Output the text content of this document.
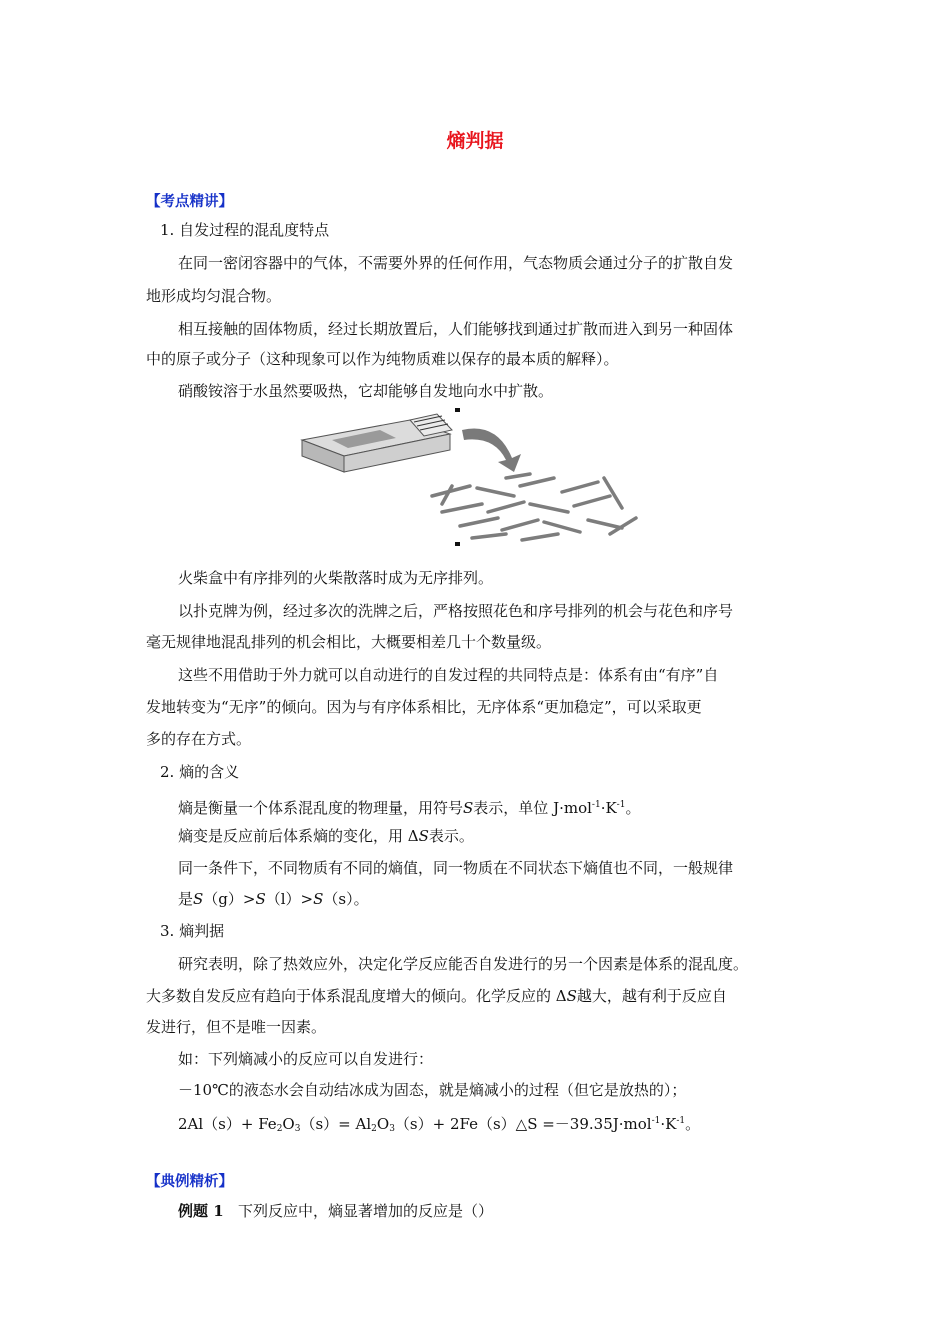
熵判据
【考点精讲】
1. 自发过程的混乱度特点
在同一密闭容器中的气体，不需要外界的任何作用，气态物质会通过分子的扩散自发
地形成均匀混合物。
相互接触的固体物质，经过长期放置后，人们能够找到通过扩散而进入到另一种固体
中的原子或分子（这种现象可以作为纯物质难以保存的最本质的解释）。
硝酸铵溶于水虽然要吸热，它却能够自发地向水中扩散。
火柴盒中有序排列的火柴散落时成为无序排列。
以扑克牌为例，经过多次的洗牌之后，严格按照花色和序号排列的机会与花色和序号
毫无规律地混乱排列的机会相比，大概要相差几十个数量级。
这些不用借助于外力就可以自动进行的自发过程的共同特点是：体系有由“有序”自
发地转变为“无序”的倾向。因为与有序体系相比，无序体系“更加稳定”，可以采取更
多的存在方式。
2. 熵的含义
熵是衡量一个体系混乱度的物理量，用符号S表示，单位 $J\cdot mol^{-1}\cdot K^{-1}$。
熵变是反应前后体系熵的变化，用 ΔS表示。
同一条件下，不同物质有不同的熵值，同一物质在不同状态下熵值也不同，一般规律
是S（g）>S（l）>S（s）。
3. 熵判据
研究表明，除了热效应外，决定化学反应能否自发进行的另一个因素是体系的混乱度。
大多数自发反应有趋向于体系混乱度增大的倾向。化学反应的 ΔS越大，越有利于反应自
发进行，但不是唯一因素。
如：下列熵减小的反应可以自发进行：
－10℃的液态水会自动结冰成为固态，就是熵减小的过程（但它是放热的）；
$2Al(s)+ Fe_2O_3(s)= Al_2O_3(s)+$ 2Fe（s）△S $=-39.35J\cdot mol^{-1}\cdot K^{-1}$。
【典例精析】
例题 1 下列反应中，熵显著增加的反应是（）
